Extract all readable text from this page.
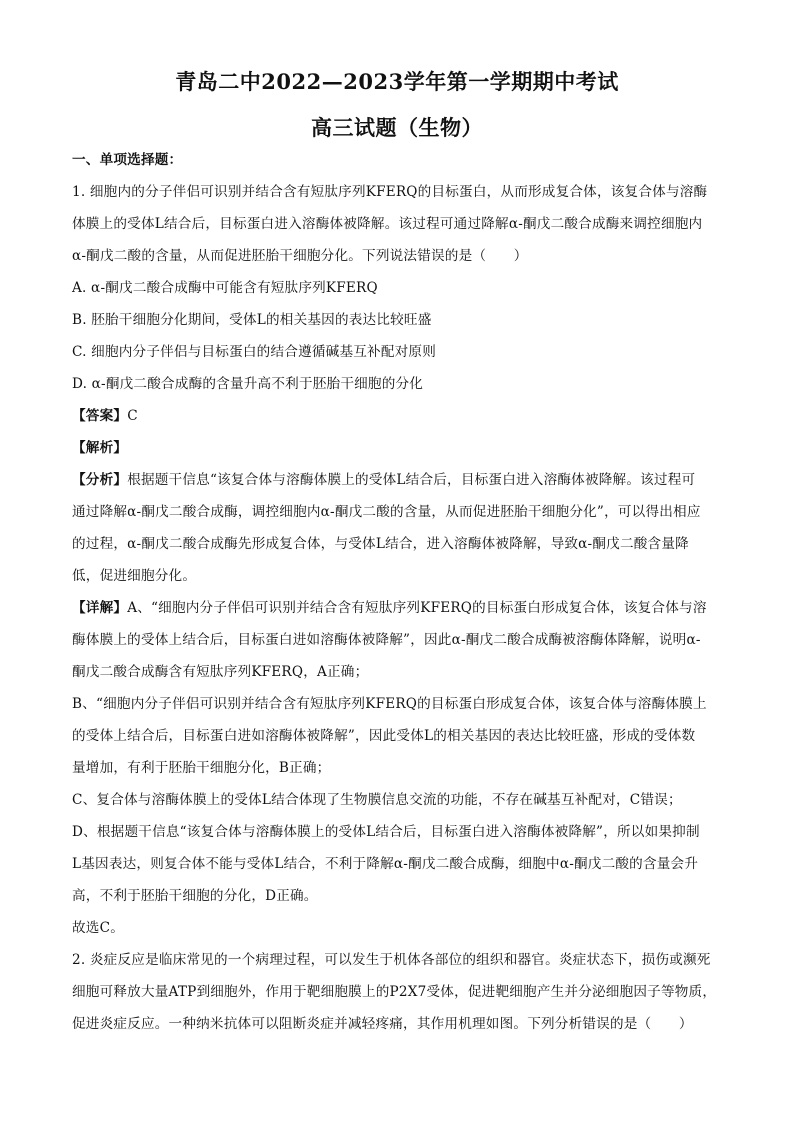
青岛二中2022—2023学年第一学期期中考试
高三试题（生物）
一、单项选择题：
1. 细胞内的分子伴侣可识别并结合含有短肽序列KFERQ的目标蛋白，从而形成复合体，该复合体与溶酶
体膜上的受体L结合后，目标蛋白进入溶酶体被降解。该过程可通过降解α-酮戊二酸合成酶来调控细胞内
α-酮戊二酸的含量，从而促进胚胎干细胞分化。下列说法错误的是（　　）
A. α-酮戊二酸合成酶中可能含有短肽序列KFERQ
B. 胚胎干细胞分化期间，受体L的相关基因的表达比较旺盛
C. 细胞内分子伴侣与目标蛋白的结合遵循碱基互补配对原则
D. α-酮戊二酸合成酶的含量升高不利于胚胎干细胞的分化
【答案】C
【解析】
【分析】根据题干信息“该复合体与溶酶体膜上的受体L结合后，目标蛋白进入溶酶体被降解。该过程可
通过降解α-酮戊二酸合成酶，调控细胞内α-酮戊二酸的含量，从而促进胚胎干细胞分化”，可以得出相应
的过程，α-酮戊二酸合成酶先形成复合体，与受体L结合，进入溶酶体被降解，导致α-酮戊二酸含量降
低，促进细胞分化。
【详解】A、“细胞内分子伴侣可识别并结合含有短肽序列KFERQ的目标蛋白形成复合体，该复合体与溶
酶体膜上的受体上结合后，目标蛋白进如溶酶体被降解”，因此α-酮戊二酸合成酶被溶酶体降解，说明α-
酮戊二酸合成酶含有短肽序列KFERQ，A正确；
B、“细胞内分子伴侣可识别并结合含有短肽序列KFERQ的目标蛋白形成复合体，该复合体与溶酶体膜上
的受体上结合后，目标蛋白进如溶酶体被降解”，因此受体L的相关基因的表达比较旺盛，形成的受体数
量增加，有利于胚胎干细胞分化，B正确；
C、复合体与溶酶体膜上的受体L结合体现了生物膜信息交流的功能，不存在碱基互补配对，C错误；
D、根据题干信息“该复合体与溶酶体膜上的受体L结合后，目标蛋白进入溶酶体被降解”，所以如果抑制
L基因表达，则复合体不能与受体L结合，不利于降解α-酮戊二酸合成酶，细胞中α-酮戊二酸的含量会升
高，不利于胚胎干细胞的分化，D正确。
故选C。
2. 炎症反应是临床常见的一个病理过程，可以发生于机体各部位的组织和器官。炎症状态下，损伤或濒死
细胞可释放大量ATP到细胞外，作用于靶细胞膜上的P2X7受体，促进靶细胞产生并分泌细胞因子等物质，
促进炎症反应。一种纳米抗体可以阻断炎症并减轻疼痛，其作用机理如图。下列分析错误的是（　　）
